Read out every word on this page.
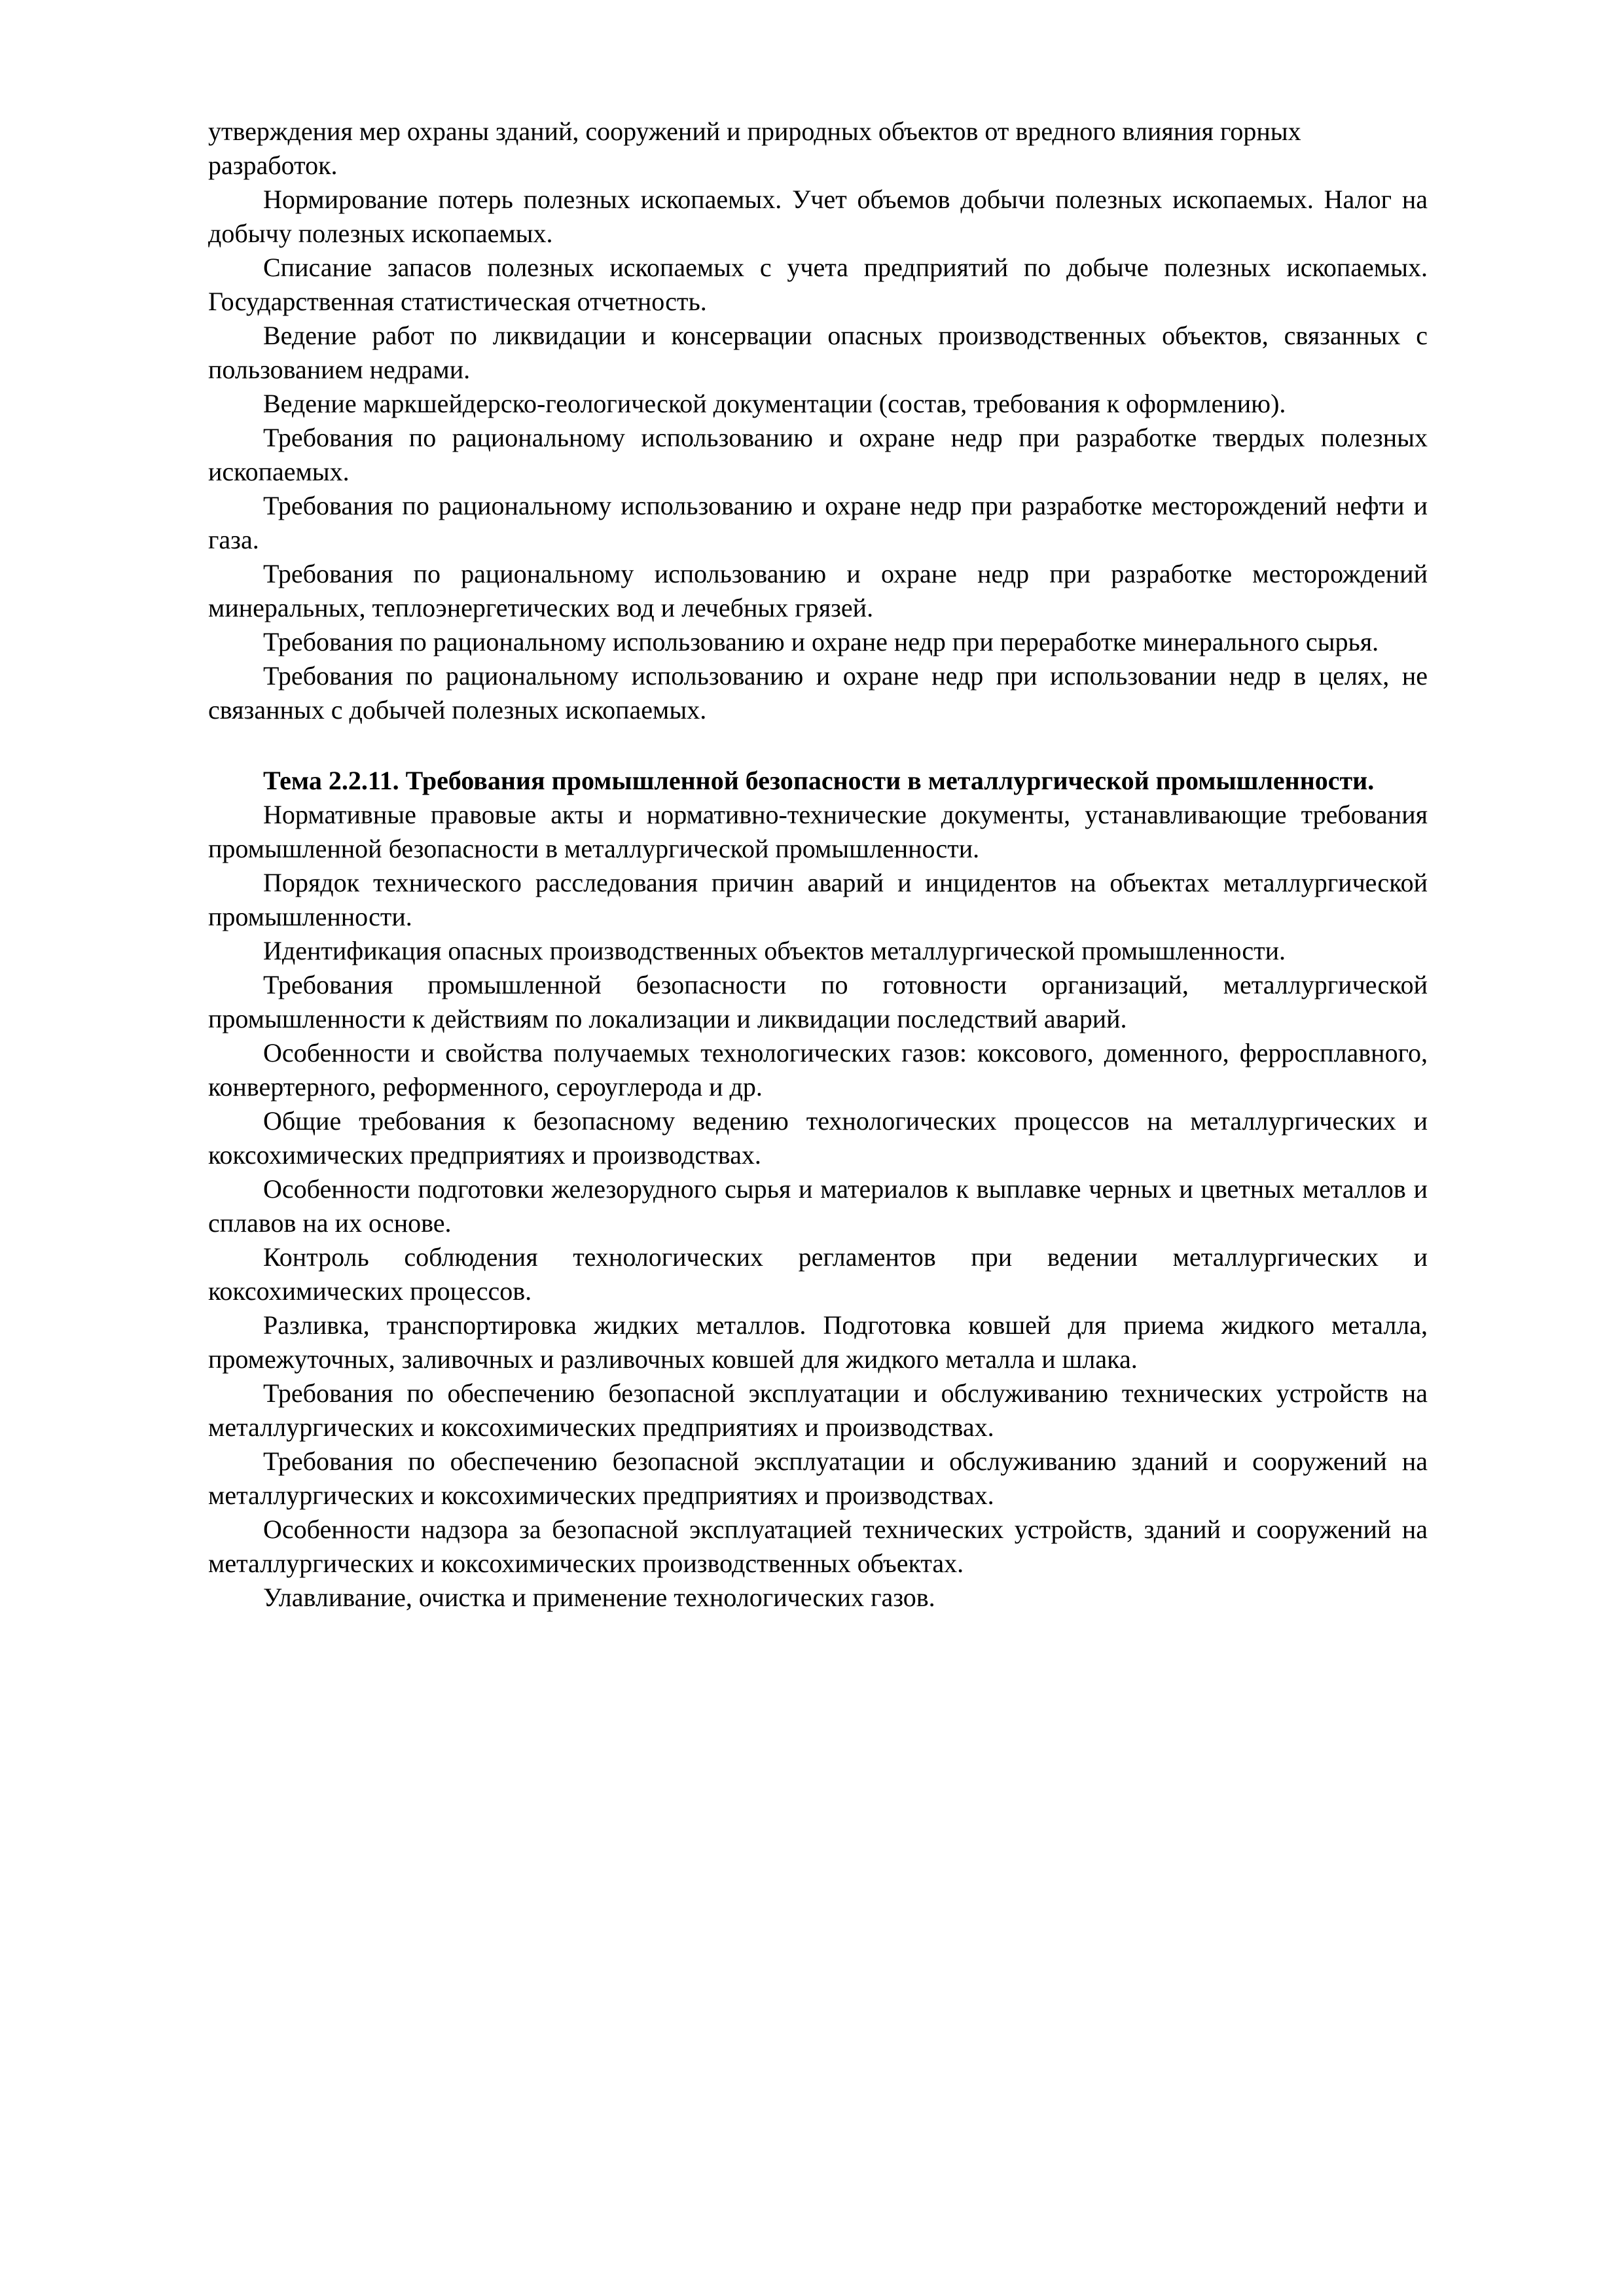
утверждения мер охраны зданий, сооружений и природных объектов от вредного влияния горных разработок.

Нормирование потерь полезных ископаемых. Учет объемов добычи полезных ископаемых. Налог на добычу полезных ископаемых.

Списание запасов полезных ископаемых с учета предприятий по добыче полезных ископаемых. Государственная статистическая отчетность.

Ведение работ по ликвидации и консервации опасных производственных объектов, связанных с пользованием недрами.

Ведение маркшейдерско-геологической документации (состав, требования к оформлению).

Требования по рациональному использованию и охране недр при разработке твердых полезных ископаемых.

Требования по рациональному использованию и охране недр при разработке месторождений нефти и газа.

Требования по рациональному использованию и охране недр при разработке месторождений минеральных, теплоэнергетических вод и лечебных грязей.

Требования по рациональному использованию и охране недр при переработке минерального сырья.

Требования по рациональному использованию и охране недр при использовании недр в целях, не связанных с добычей полезных ископаемых.

Тема 2.2.11. Требования промышленной безопасности в металлургической промышленности.

Нормативные правовые акты и нормативно-технические документы, устанавливающие требования промышленной безопасности в металлургической промышленности.

Порядок технического расследования причин аварий и инцидентов на объектах металлургической промышленности.

Идентификация опасных производственных объектов металлургической промышленности.

Требования промышленной безопасности по готовности организаций, металлургической промышленности к действиям по локализации и ликвидации последствий аварий.

Особенности и свойства получаемых технологических газов: коксового, доменного, ферросплавного, конвертерного, реформенного, сероуглерода и др.

Общие требования к безопасному ведению технологических процессов на металлургических и коксохимических предприятиях и производствах.

Особенности подготовки железорудного сырья и материалов к выплавке черных и цветных металлов и сплавов на их основе.

Контроль соблюдения технологических регламентов при ведении металлургических и коксохимических процессов.

Разливка, транспортировка жидких металлов. Подготовка ковшей для приема жидкого металла, промежуточных, заливочных и разливочных ковшей для жидкого металла и шлака.

Требования по обеспечению безопасной эксплуатации и обслуживанию технических устройств на металлургических и коксохимических предприятиях и производствах.

Требования по обеспечению безопасной эксплуатации и обслуживанию зданий и сооружений на металлургических и коксохимических предприятиях и производствах.

Особенности надзора за безопасной эксплуатацией технических устройств, зданий и сооружений на металлургических и коксохимических производственных объектах.

Улавливание, очистка и применение технологических газов.
